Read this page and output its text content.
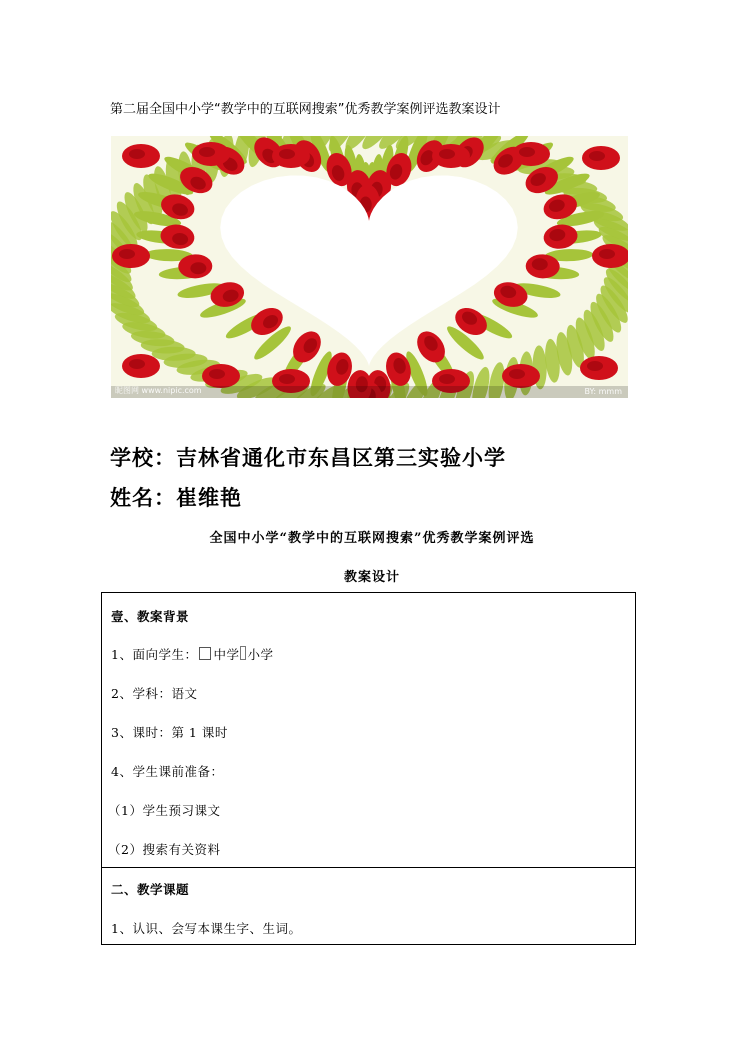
第二届全国中小学“教学中的互联网搜索”优秀教学案例评选教案设计
昵图网 www.nipic.com	BY: mmm
学校：吉林省通化市东昌区第三实验小学
姓名：崔维艳
全国中小学“教学中的互联网搜索”优秀教学案例评选
教案设计
壹、教案背景
1、面向学生： 中学 小学
2、学科：语文
3、课时：第 1 课时
4、学生课前准备：
（1）学生预习课文
（2）搜索有关资料
二、教学课题
1、认识、会写本课生字、生词。
